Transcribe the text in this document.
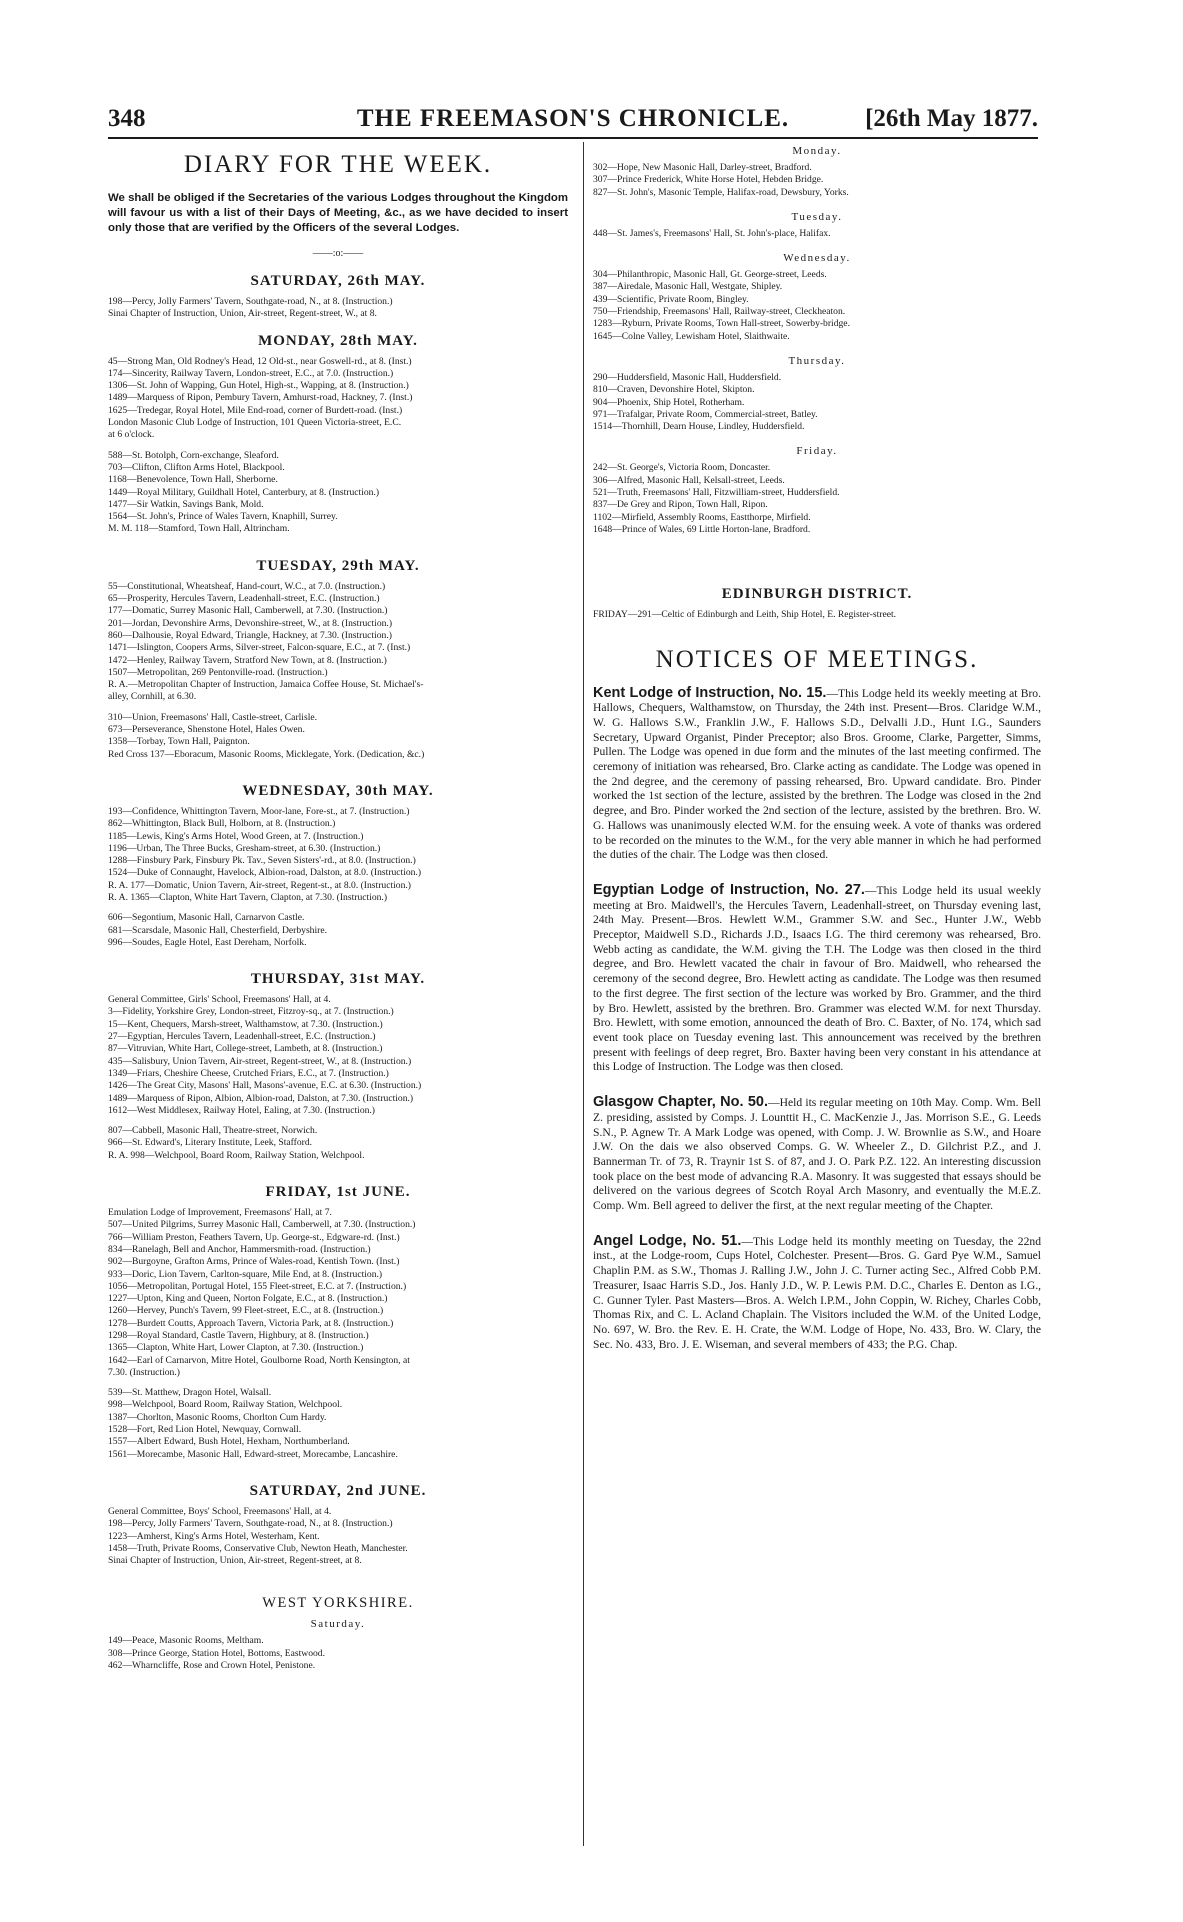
348	THE FREEMASON'S CHRONICLE.	[26th May 1877.
DIARY FOR THE WEEK.

We shall be obliged if the Secretaries of the various Lodges throughout the Kingdom will favour us with a list of their Days of Meeting, &c., as we have decided to insert only those that are verified by the Officers of the several Lodges.

——:o:——
SATURDAY, 26th MAY.
198—Percy, Jolly Farmers' Tavern, Southgate-road, N., at 8. (Instruction.)
Sinai Chapter of Instruction, Union, Air-street, Regent-street, W., at 8.
MONDAY, 28th MAY.
45—Strong Man, Old Rodney's Head, 12 Old-st., near Goswell-rd., at 8. (Inst.)
174—Sincerity, Railway Tavern, London-street, E.C., at 7.0. (Instruction.)
1306—St. John of Wapping, Gun Hotel, High-st., Wapping, at 8. (Instruction.)
1489—Marquess of Ripon, Pembury Tavern, Amhurst-road, Hackney, 7. (Inst.)
1625—Tredegar, Royal Hotel, Mile End-road, corner of Burdett-road. (Inst.)
London Masonic Club Lodge of Instruction, 101 Queen Victoria-street, E.C.
at 6 o'clock.
588—St. Botolph, Corn-exchange, Sleaford.
703—Clifton, Clifton Arms Hotel, Blackpool.
1168—Benevolence, Town Hall, Sherborne.
1449—Royal Military, Guildhall Hotel, Canterbury, at 8. (Instruction.)
1477—Sir Watkin, Savings Bank, Mold.
1564—St. John's, Prince of Wales Tavern, Knaphill, Surrey.
M. M. 118—Stamford, Town Hall, Altrincham.
TUESDAY, 29th MAY.
55—Constitutional, Wheatsheaf, Hand-court, W.C., at 7.0. (Instruction.)
65—Prosperity, Hercules Tavern, Leadenhall-street, E.C. (Instruction.)
177—Domatic, Surrey Masonic Hall, Camberwell, at 7.30. (Instruction.)
201—Jordan, Devonshire Arms, Devonshire-street, W., at 8. (Instruction.)
860—Dalhousie, Royal Edward, Triangle, Hackney, at 7.30. (Instruction.)
1471—Islington, Coopers Arms, Silver-street, Falcon-square, E.C., at 7. (Inst.)
1472—Henley, Railway Tavern, Stratford New Town, at 8. (Instruction.)
1507—Metropolitan, 269 Pentonville-road. (Instruction.)
R. A.—Metropolitan Chapter of Instruction, Jamaica Coffee House, St. Michael's-
alley, Cornhill, at 6.30.
310—Union, Freemasons' Hall, Castle-street, Carlisle.
673—Perseverance, Shenstone Hotel, Hales Owen.
1358—Torbay, Town Hall, Paignton.
Red Cross 137—Eboracum, Masonic Rooms, Micklegate, York. (Dedication, &c.)
WEDNESDAY, 30th MAY.
193—Confidence, Whittington Tavern, Moor-lane, Fore-st., at 7. (Instruction.)
862—Whittington, Black Bull, Holborn, at 8. (Instruction.)
1185—Lewis, King's Arms Hotel, Wood Green, at 7. (Instruction.)
1196—Urban, The Three Bucks, Gresham-street, at 6.30. (Instruction.)
1288—Finsbury Park, Finsbury Pk. Tav., Seven Sisters'-rd., at 8.0. (Instruction.)
1524—Duke of Connaught, Havelock, Albion-road, Dalston, at 8.0. (Instruction.)
R. A. 177—Domatic, Union Tavern, Air-street, Regent-st., at 8.0. (Instruction.)
R. A. 1365—Clapton, White Hart Tavern, Clapton, at 7.30. (Instruction.)
606—Segontium, Masonic Hall, Carnarvon Castle.
681—Scarsdale, Masonic Hall, Chesterfield, Derbyshire.
996—Soudes, Eagle Hotel, East Dereham, Norfolk.
THURSDAY, 31st MAY.
General Committee, Girls' School, Freemasons' Hall, at 4.
3—Fidelity, Yorkshire Grey, London-street, Fitzroy-sq., at 7. (Instruction.)
15—Kent, Chequers, Marsh-street, Walthamstow, at 7.30. (Instruction.)
27—Egyptian, Hercules Tavern, Leadenhall-street, E.C. (Instruction.)
87—Vitruvian, White Hart, College-street, Lambeth, at 8. (Instruction.)
435—Salisbury, Union Tavern, Air-street, Regent-street, W., at 8. (Instruction.)
1349—Friars, Cheshire Cheese, Crutched Friars, E.C., at 7. (Instruction.)
1426—The Great City, Masons' Hall, Masons'-avenue, E.C. at 6.30. (Instruction.)
1489—Marquess of Ripon, Albion, Albion-road, Dalston, at 7.30. (Instruction.)
1612—West Middlesex, Railway Hotel, Ealing, at 7.30. (Instruction.)
807—Cabbell, Masonic Hall, Theatre-street, Norwich.
966—St. Edward's, Literary Institute, Leek, Stafford.
R. A. 998—Welchpool, Board Room, Railway Station, Welchpool.
FRIDAY, 1st JUNE.
Emulation Lodge of Improvement, Freemasons' Hall, at 7.
507—United Pilgrims, Surrey Masonic Hall, Camberwell, at 7.30. (Instruction.)
766—William Preston, Feathers Tavern, Up. George-st., Edgware-rd. (Inst.)
834—Ranelagh, Bell and Anchor, Hammersmith-road. (Instruction.)
902—Burgoyne, Grafton Arms, Prince of Wales-road, Kentish Town. (Inst.)
933—Doric, Lion Tavern, Carlton-square, Mile End, at 8. (Instruction.)
1056—Metropolitan, Portugal Hotel, 155 Fleet-street, E.C. at 7. (Instruction.)
1227—Upton, King and Queen, Norton Folgate, E.C., at 8. (Instruction.)
1260—Hervey, Punch's Tavern, 99 Fleet-street, E.C., at 8. (Instruction.)
1278—Burdett Coutts, Approach Tavern, Victoria Park, at 8. (Instruction.)
1298—Royal Standard, Castle Tavern, Highbury, at 8. (Instruction.)
1365—Clapton, White Hart, Lower Clapton, at 7.30. (Instruction.)
1642—Earl of Carnarvon, Mitre Hotel, Goulborne Road, North Kensington, at
7.30. (Instruction.)
539—St. Matthew, Dragon Hotel, Walsall.
998—Welchpool, Board Room, Railway Station, Welchpool.
1387—Chorlton, Masonic Rooms, Chorlton Cum Hardy.
1528—Fort, Red Lion Hotel, Newquay, Cornwall.
1557—Albert Edward, Bush Hotel, Hexham, Northumberland.
1561—Morecambe, Masonic Hall, Edward-street, Morecambe, Lancashire.
SATURDAY, 2nd JUNE.
General Committee, Boys' School, Freemasons' Hall, at 4.
198—Percy, Jolly Farmers' Tavern, Southgate-road, N., at 8. (Instruction.)
1223—Amherst, King's Arms Hotel, Westerham, Kent.
1458—Truth, Private Rooms, Conservative Club, Newton Heath, Manchester.
Sinai Chapter of Instruction, Union, Air-street, Regent-street, at 8.
WEST YORKSHIRE.
Saturday.
149—Peace, Masonic Rooms, Meltham.
308—Prince George, Station Hotel, Bottoms, Eastwood.
462—Wharncliffe, Rose and Crown Hotel, Penistone.
Monday.
302—Hope, New Masonic Hall, Darley-street, Bradford.
307—Prince Frederick, White Horse Hotel, Hebden Bridge.
827—St. John's, Masonic Temple, Halifax-road, Dewsbury, Yorks.
Tuesday.
448—St. James's, Freemasons' Hall, St. John's-place, Halifax.
Wednesday.
304—Philanthropic, Masonic Hall, Gt. George-street, Leeds.
387—Airedale, Masonic Hall, Westgate, Shipley.
439—Scientific, Private Room, Bingley.
750—Friendship, Freemasons' Hall, Railway-street, Cleckheaton.
1283—Ryburn, Private Rooms, Town Hall-street, Sowerby-bridge.
1645—Colne Valley, Lewisham Hotel, Slaithwaite.
Thursday.
290—Huddersfield, Masonic Hall, Huddersfield.
810—Craven, Devonshire Hotel, Skipton.
904—Phoenix, Ship Hotel, Rotherham.
971—Trafalgar, Private Room, Commercial-street, Batley.
1514—Thornhill, Dearn House, Lindley, Huddersfield.
Friday.
242—St. George's, Victoria Room, Doncaster.
306—Alfred, Masonic Hall, Kelsall-street, Leeds.
521—Truth, Freemasons' Hall, Fitzwilliam-street, Huddersfield.
837—De Grey and Ripon, Town Hall, Ripon.
1102—Mirfield, Assembly Rooms, Eastthorpe, Mirfield.
1648—Prince of Wales, 69 Little Horton-lane, Bradford.
EDINBURGH DISTRICT.
FRIDAY—291—Celtic of Edinburgh and Leith, Ship Hotel, E. Register-street.
NOTICES OF MEETINGS.
Kent Lodge of Instruction, No. 15.—This Lodge held its weekly meeting at Bro. Hallows, Chequers, Walthamstow, on Thursday, the 24th inst. Present—Bros. Claridge W.M., W. G. Hallows S.W., Franklin J.W., F. Hallows S.D., Delvalli J.D., Hunt I.G., Saunders Secretary, Upward Organist, Pinder Preceptor; also Bros. Groome, Clarke, Pargetter, Simms, Pullen. The Lodge was opened in due form and the minutes of the last meeting confirmed. The ceremony of initiation was rehearsed, Bro. Clarke acting as candidate. The Lodge was opened in the 2nd degree, and the ceremony of passing rehearsed, Bro. Upward candidate. Bro. Pinder worked the 1st section of the lecture, assisted by the brethren. The Lodge was closed in the 2nd degree, and Bro. Pinder worked the 2nd section of the lecture, assisted by the brethren. Bro. W. G. Hallows was unanimously elected W.M. for the ensuing week. A vote of thanks was ordered to be recorded on the minutes to the W.M., for the very able manner in which he had performed the duties of the chair. The Lodge was then closed.
Egyptian Lodge of Instruction, No. 27.—This Lodge held its usual weekly meeting at Bro. Maidwell's, the Hercules Tavern, Leadenhall-street, on Thursday evening last, 24th May. Present—Bros. Hewlett W.M., Grammer S.W. and Sec., Hunter J.W., Webb Preceptor, Maidwell S.D., Richards J.D., Isaacs I.G. The third ceremony was rehearsed, Bro. Webb acting as candidate, the W.M. giving the T.H. The Lodge was then closed in the third degree, and Bro. Hewlett vacated the chair in favour of Bro. Maidwell, who rehearsed the ceremony of the second degree, Bro. Hewlett acting as candidate. The Lodge was then resumed to the first degree. The first section of the lecture was worked by Bro. Grammer, and the third by Bro. Hewlett, assisted by the brethren. Bro. Grammer was elected W.M. for next Thursday. Bro. Hewlett, with some emotion, announced the death of Bro. C. Baxter, of No. 174, which sad event took place on Tuesday evening last. This announcement was received by the brethren present with feelings of deep regret, Bro. Baxter having been very constant in his attendance at this Lodge of Instruction. The Lodge was then closed.
Glasgow Chapter, No. 50.—Held its regular meeting on 10th May. Comp. Wm. Bell Z. presiding, assisted by Comps. J. Lounttit H., C. MacKenzie J., Jas. Morrison S.E., G. Leeds S.N., P. Agnew Tr. A Mark Lodge was opened, with Comp. J. W. Brownlie as S.W., and Hoare J.W. On the dais we also observed Comps. G. W. Wheeler Z., D. Gilchrist P.Z., and J. Bannerman Tr. of 73, R. Traynir 1st S. of 87, and J. O. Park P.Z. 122. An interesting discussion took place on the best mode of advancing R.A. Masonry. It was suggested that essays should be delivered on the various degrees of Scotch Royal Arch Masonry, and eventually the M.E.Z. Comp. Wm. Bell agreed to deliver the first, at the next regular meeting of the Chapter.
Angel Lodge, No. 51.—This Lodge held its monthly meeting on Tuesday, the 22nd inst., at the Lodge-room, Cups Hotel, Colchester. Present—Bros. G. Gard Pye W.M., Samuel Chaplin P.M. as S.W., Thomas J. Ralling J.W., John J. C. Turner acting Sec., Alfred Cobb P.M. Treasurer, Isaac Harris S.D., Jos. Hanly J.D., W. P. Lewis P.M. D.C., Charles E. Denton as I.G., C. Gunner Tyler. Past Masters—Bros. A. Welch I.P.M., John Coppin, W. Richey, Charles Cobb, Thomas Rix, and C. L. Acland Chaplain. The Visitors included the W.M. of the United Lodge, No. 697, W. Bro. the Rev. E. H. Crate, the W.M. Lodge of Hope, No. 433, Bro. W. Clary, the Sec. No. 433, Bro. J. E. Wiseman, and several members of 433; the P.G. Chap.
